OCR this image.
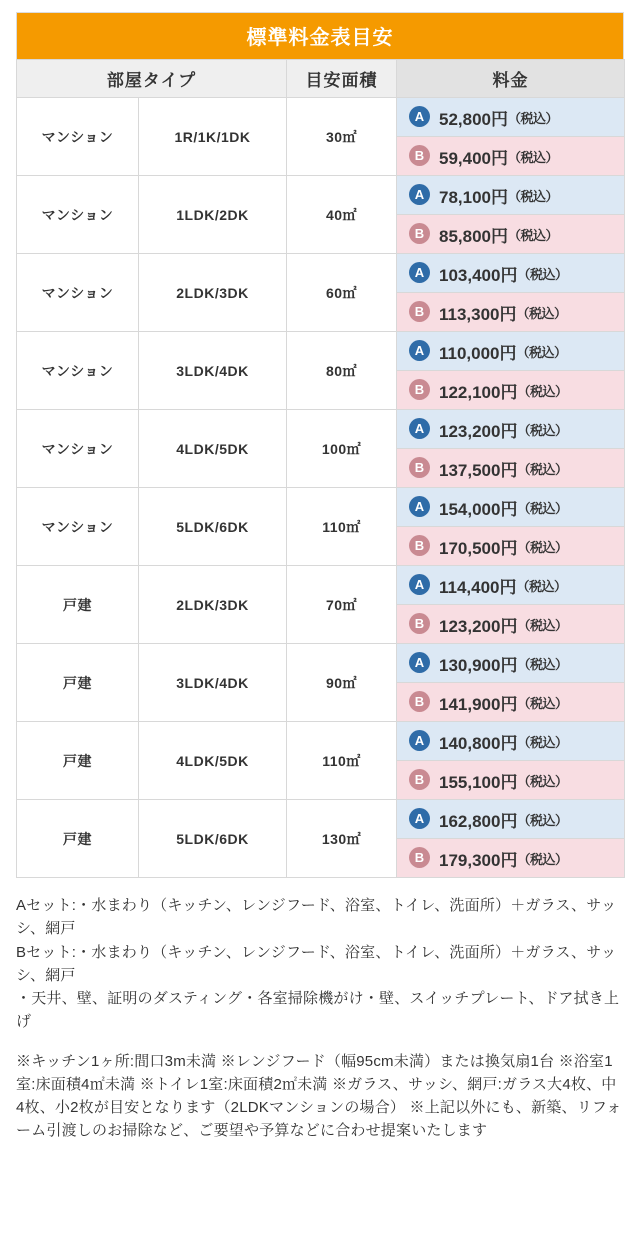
標準料金表目安
部屋タイプ		目安面積	料金
マンション	1R/1K/1DK	30㎡	A 52,800円（税込）
			B 59,400円（税込）
マンション	1LDK/2DK	40㎡	A 78,100円（税込）
			B 85,800円（税込）
マンション	2LDK/3DK	60㎡	A 103,400円（税込）
			B 113,300円（税込）
マンション	3LDK/4DK	80㎡	A 110,000円（税込）
			B 122,100円（税込）
マンション	4LDK/5DK	100㎡	A 123,200円（税込）
			B 137,500円（税込）
マンション	5LDK/6DK	110㎡	A 154,000円（税込）
			B 170,500円（税込）
戸建	2LDK/3DK	70㎡	A 114,400円（税込）
			B 123,200円（税込）
戸建	3LDK/4DK	90㎡	A 130,900円（税込）
			B 141,900円（税込）
戸建	4LDK/5DK	110㎡	A 140,800円（税込）
			B 155,100円（税込）
戸建	5LDK/6DK	130㎡	A 162,800円（税込）
			B 179,300円（税込）

Aセット:・水まわり（キッチン、レンジフード、浴室、トイレ、洗面所）＋ガラス、サッシ、網戸

Bセット:・水まわり（キッチン、レンジフード、浴室、トイレ、洗面所）＋ガラス、サッシ、網戸

・天井、壁、証明のダスティング・各室掃除機がけ・壁、スイッチプレート、ドア拭き上げ

※キッチン1ヶ所:間口3m未満 ※レンジフード（幅95cm未満）または換気扇1台 ※浴室1室:床面積4㎡未満 ※トイレ1室:床面積2㎡未満 ※ガラス、サッシ、網戸:ガラス大4枚、中4枚、小2枚が目安となります（2LDKマンションの場合） ※上記以外にも、新築、リフォーム引渡しのお掃除など、ご要望や予算などに合わせ提案いたします
